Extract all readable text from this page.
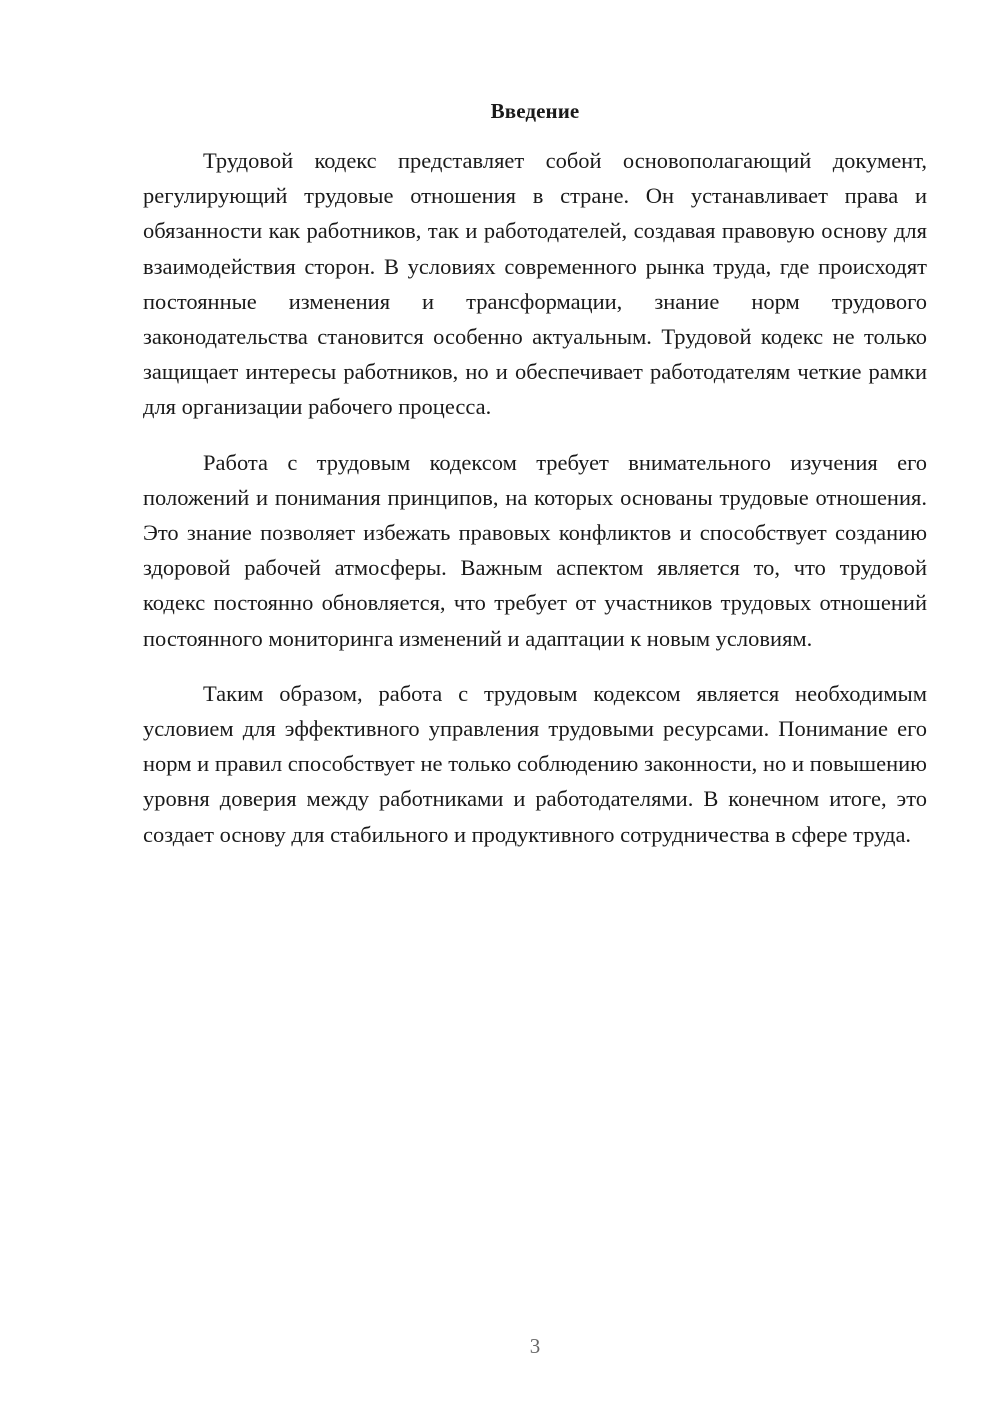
Введение

Трудовой кодекс представляет собой основополагающий документ, регулирующий трудовые отношения в стране. Он устанавливает права и обязанности как работников, так и работодателей, создавая правовую основу для взаимодействия сторон. В условиях современного рынка труда, где происходят постоянные изменения и трансформации, знание норм трудового законодательства становится особенно актуальным. Трудовой кодекс не только защищает интересы работников, но и обеспечивает работодателям четкие рамки для организации рабочего процесса.

Работа с трудовым кодексом требует внимательного изучения его положений и понимания принципов, на которых основаны трудовые отношения. Это знание позволяет избежать правовых конфликтов и способствует созданию здоровой рабочей атмосферы. Важным аспектом является то, что трудовой кодекс постоянно обновляется, что требует от участников трудовых отношений постоянного мониторинга изменений и адаптации к новым условиям.

Таким образом, работа с трудовым кодексом является необходимым условием для эффективного управления трудовыми ресурсами. Понимание его норм и правил способствует не только соблюдению законности, но и повышению уровня доверия между работниками и работодателями. В конечном итоге, это создает основу для стабильного и продуктивного сотрудничества в сфере труда.

3
